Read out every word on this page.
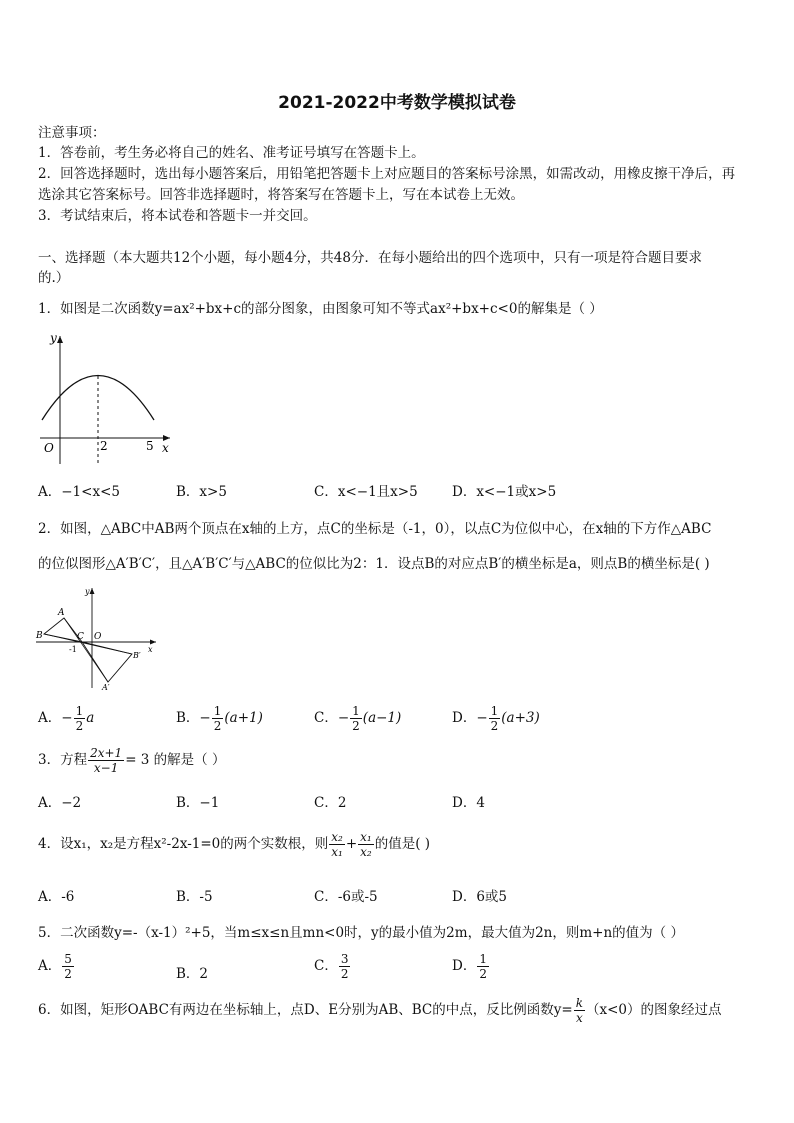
2021-2022中考数学模拟试卷
注意事项：
1．答卷前，考生务必将自己的姓名、准考证号填写在答题卡上。
2．回答选择题时，选出每小题答案后，用铅笔把答题卡上对应题目的答案标号涂黑，如需改动，用橡皮擦干净后，再
选涂其它答案标号。回答非选择题时，将答案写在答题卡上，写在本试卷上无效。
3．考试结束后，将本试卷和答题卡一并交回。
一、选择题（本大题共12个小题，每小题4分，共48分．在每小题给出的四个选项中，只有一项是符合题目要求
的.）
1．如图是二次函数y=ax²+bx+c的部分图象，由图象可知不等式ax²+bx+c<0的解集是（ ）
y
x
O	2	5
A．−1<x<5	B．x>5	C．x<−1且x>5	D．x<−1或x>5
2．如图，△ABC中AB两个顶点在x轴的上方，点C的坐标是（-1，0），以点C为位似中心，在x轴的下方作△ABC
的位似图形△A′B′C′，且△A′B′C′与△ABC的位似比为2：1．设点B的对应点B′的横坐标是a，则点B的横坐标是( )
A
B	C O
-1	x
y
B′
A′
A．− $\frac{1}{2}$ a	B．− $\frac{1}{2} (a+1)$	C．− $\frac{1}{2} (a-1)$	D．− $\frac{1}{2} (a+3)$
3．方程 $\frac{2x+1}{x-1} = 3$ 的解是（ ）
A．−2	B．−1	C．2	D．4
4．设x₁，x₂是方程x²-2x-1=0的两个实数根，则 $\frac{\text{x₂}}{\text{x₁}} + \frac{\text{x₁}}{\text{x₂}}$ 的值是( )
A．-6	B．-5	C．-6或-5	D．6或5
5．二次函数y=-（x-1）²+5，当m≤x≤n且mn<0时，y的最小值为2m，最大值为2n，则m+n的值为（ ）
A． $\frac{5}{2}$	B．2	C． $\frac{3}{2}$	D． $\frac{1}{2}$
6．如图，矩形OABC有两边在坐标轴上，点D、E分别为AB、BC的中点，反比例函数$y= \frac{k}{x} (x<0)$的图象经过点
